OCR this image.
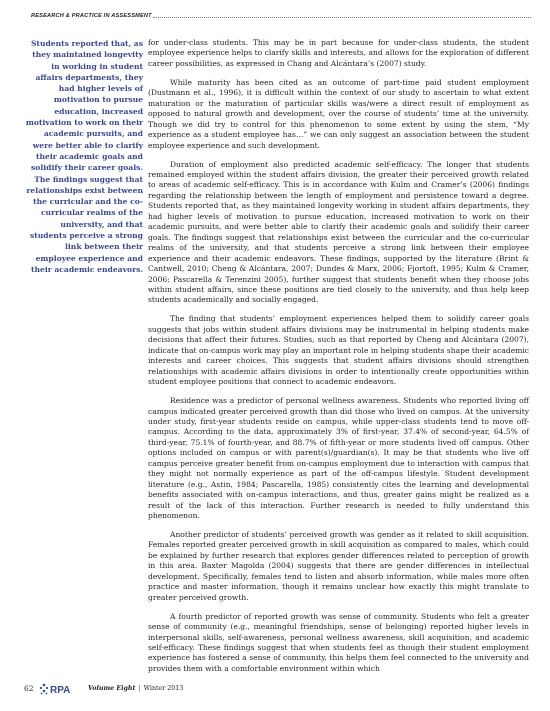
RESEARCH & PRACTICE IN ASSESSMENT
Students reported that, as they maintained longevity in working in student affairs departments, they had higher levels of motivation to pursue education, increased motivation to work on their academic pursuits, and were better able to clarify their academic goals and solidify their career goals. The findings suggest that relationships exist between the curricular and the co-curricular realms of the university, and that students perceive a strong link between their employee experience and their academic endeavors.

for under-class students. This may be in part because for under-class students, the student employee experience helps to clarify skills and interests, and allows for the exploration of different career possibilities, as expressed in Chang and Alcántara’s (2007) study.

While maturity has been cited as an outcome of part-time paid student employment (Dustmann et al., 1996), it is difficult within the context of our study to ascertain to what extent maturation or the maturation of particular skills was/were a direct result of employment as opposed to natural growth and development, over the course of students’ time at the university. Though we did try to control for this phenomenon to some extent by using the stem, “My experience as a student employee has…” we can only suggest an association between the student employee experience and such development.

Duration of employment also predicted academic self-efficacy. The longer that students remained employed within the student affairs division, the greater their perceived growth related to areas of academic self-efficacy. This is in accordance with Kulm and Cramer’s (2006) findings regarding the relationship between the length of employment and persistence toward a degree. Students reported that, as they maintained longevity working in student affairs departments, they had higher levels of motivation to pursue education, increased motivation to work on their academic pursuits, and were better able to clarify their academic goals and solidify their career goals. The findings suggest that relationships exist between the curricular and the co-curricular realms of the university, and that students perceive a strong link between their employee experience and their academic endeavors. These findings, supported by the literature (Brint & Cantwell, 2010; Cheng & Alcántara, 2007; Dundes & Marx, 2006; Fjortoft, 1995; Kulm & Cramer, 2006; Pascarella & Terenzini 2005), further suggest that students benefit when they choose jobs within student affairs, since these positions are tied closely to the university, and thus help keep students academically and socially engaged.

The finding that students’ employment experiences helped them to solidify career goals suggests that jobs within student affairs divisions may be instrumental in helping students make decisions that affect their futures. Studies, such as that reported by Cheng and Alcántara (2007), indicate that on-campus work may play an important role in helping students shape their academic interests and career choices. This suggests that student affairs divisions should strengthen relationships with academic affairs divisions in order to intentionally create opportunities within student employee positions that connect to academic endeavors.

Residence was a predictor of personal wellness awareness. Students who reported living off campus indicated greater perceived growth than did those who lived on campus. At the university under study, first-year students reside on campus, while upper-class students tend to move off-campus. According to the data, approximately 3% of first-year, 37.4% of second-year, 64.5% of third-year, 75.1% of fourth-year, and 88.7% of fifth-year or more students lived off campus. Other options included on campus or with parent(s)/guardian(s). It may be that students who live off campus perceive greater benefit from on-campus employment due to interaction with campus that they might not normally experience as part of the off-campus lifestyle. Student development literature (e.g., Astin, 1984; Pascarella, 1985) consistently cites the learning and developmental benefits associated with on-campus interactions, and thus, greater gains might be realized as a result of the lack of this interaction. Further research is needed to fully understand this phenomenon.

Another predictor of students’ perceived growth was gender as it related to skill acquisition. Females reported greater perceived growth in skill acquisition as compared to males, which could be explained by further research that explores gender differences related to perception of growth in this area. Baxter Magolda (2004) suggests that there are gender differences in intellectual development. Specifically, females tend to listen and absorb information, while males more often practice and master information, though it remains unclear how exactly this might translate to greater perceived growth.

A fourth predictor of reported growth was sense of community. Students who felt a greater sense of community (e.g., meaningful friendships, sense of belonging) reported higher levels in interpersonal skills, self-awareness, personal wellness awareness, skill acquisition, and academic self-efficacy. These findings suggest that when students feel as though their student employment experience has fostered a sense of community, this helps them feel connected to the university and provides them with a comfortable environment within which

62 RPA	Volume Eight | Winter 2013
